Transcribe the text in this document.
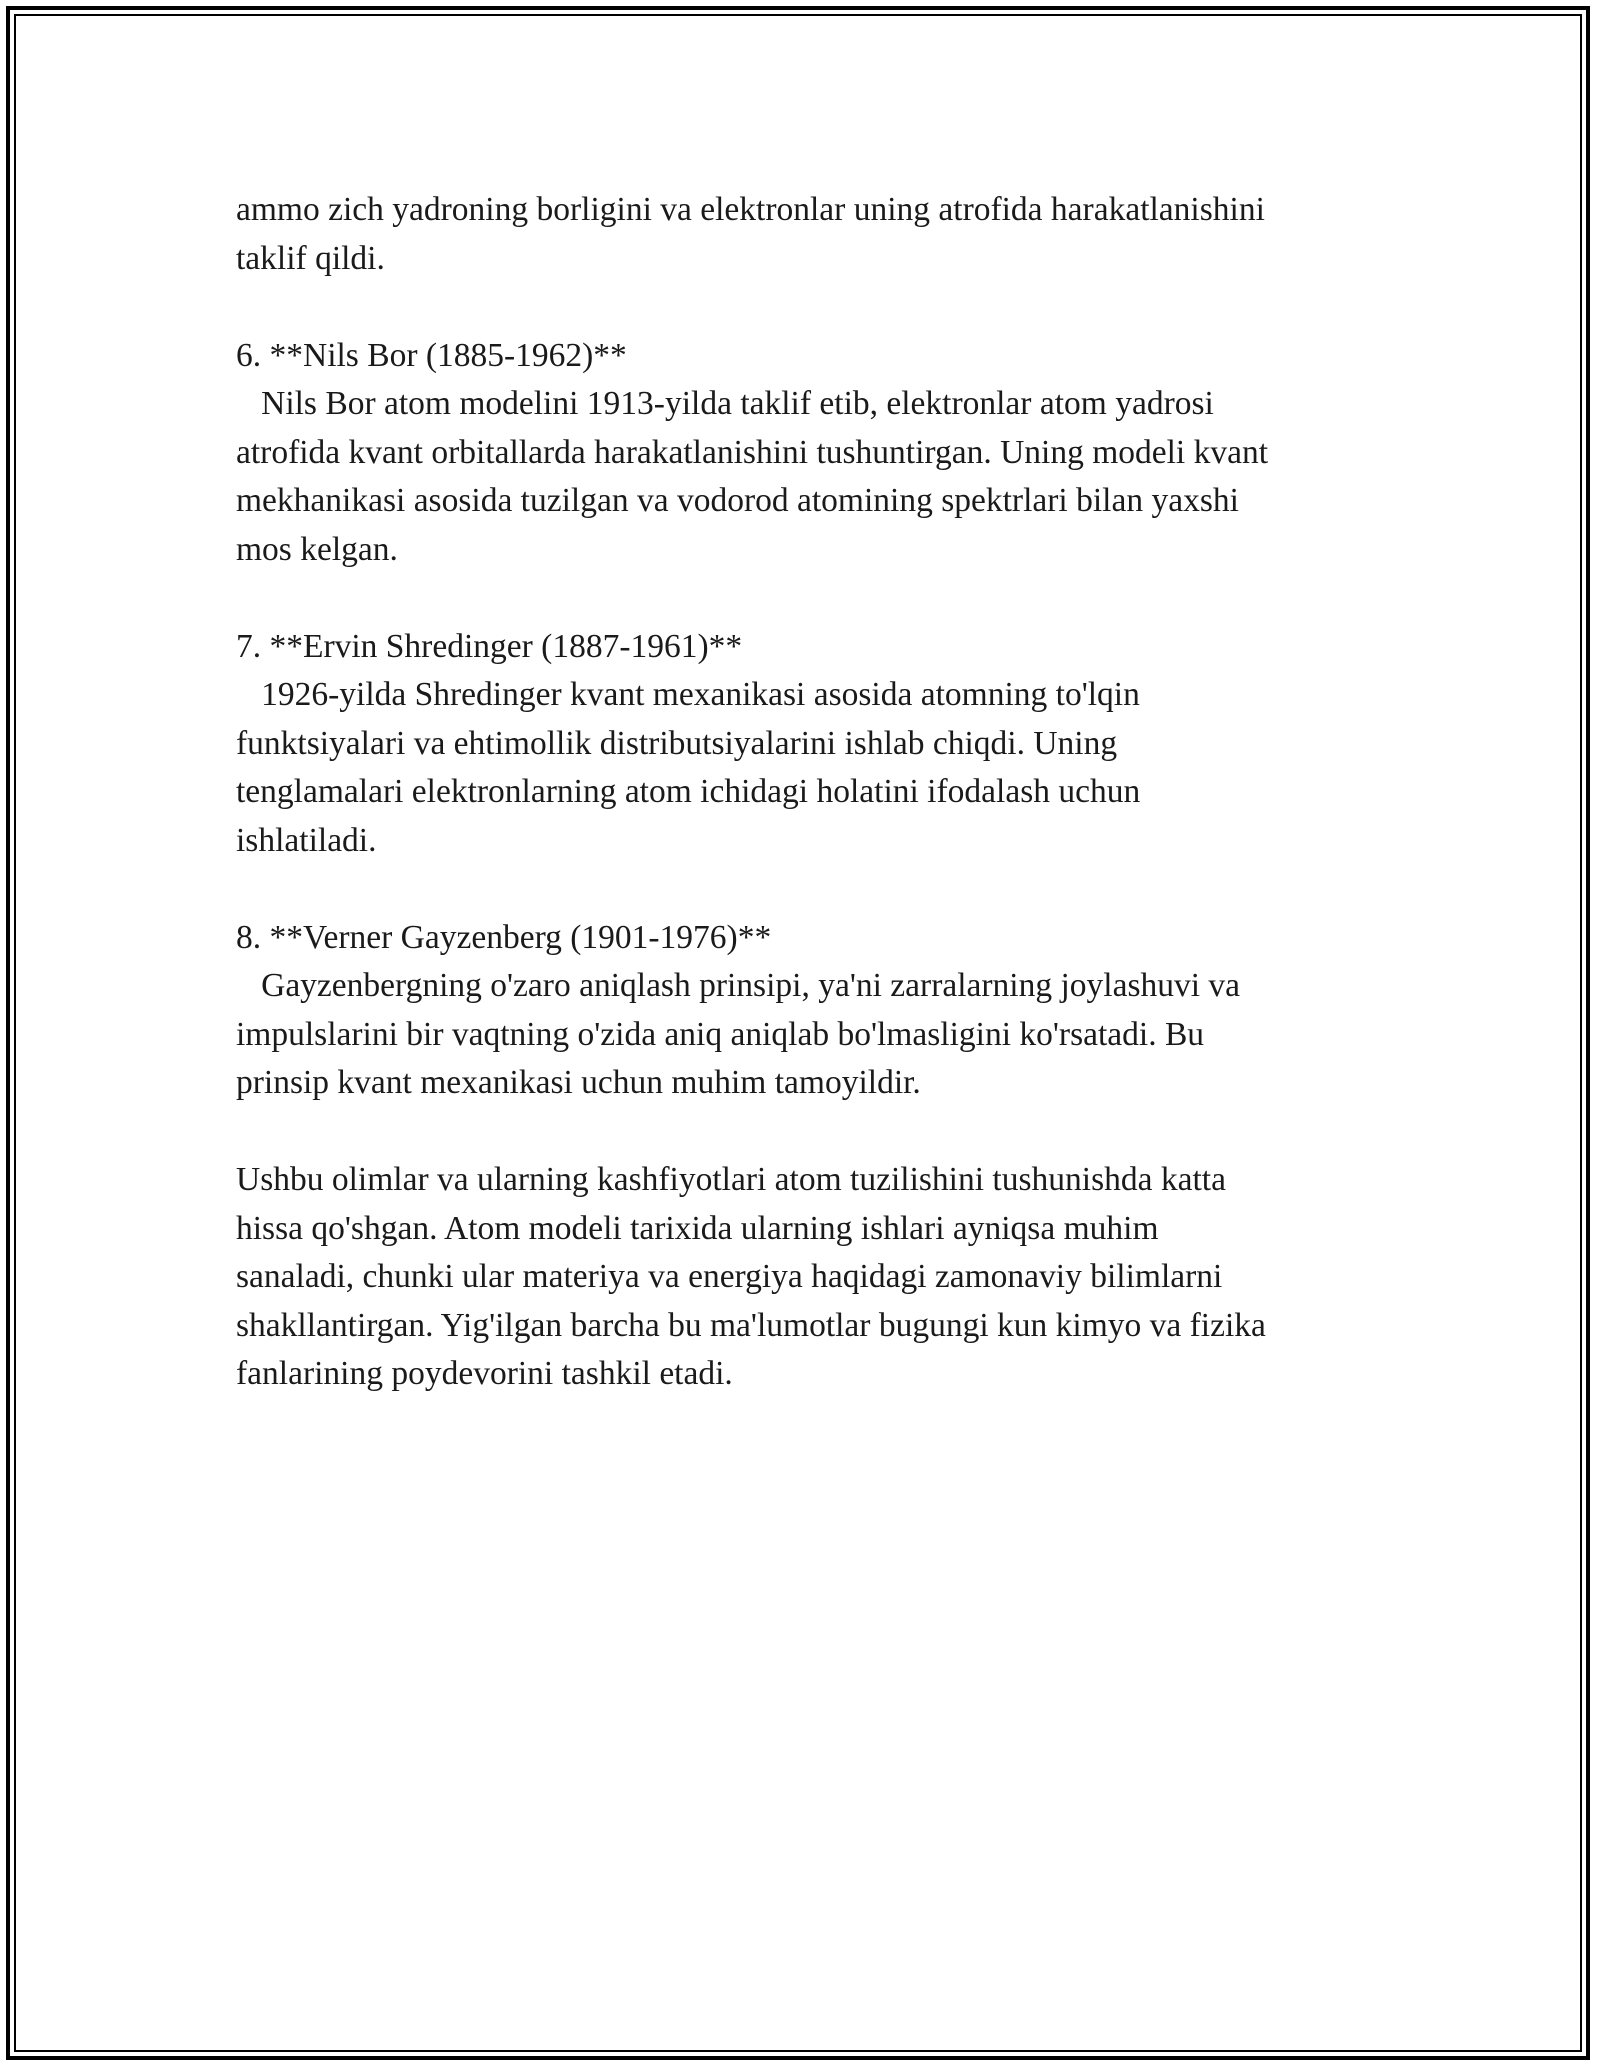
ammo zich yadroning borligini va elektronlar uning atrofida harakatlanishini

taklif qildi.

6. **Nils Bor (1885-1962)**

Nils Bor atom modelini 1913-yilda taklif etib, elektronlar atom yadrosi

atrofida kvant orbitallarda harakatlanishini tushuntirgan. Uning modeli kvant

mekhanikasi asosida tuzilgan va vodorod atomining spektrlari bilan yaxshi

mos kelgan.

7. **Ervin Shredinger (1887-1961)**

1926-yilda Shredinger kvant mexanikasi asosida atomning to'lqin

funktsiyalari va ehtimollik distributsiyalarini ishlab chiqdi. Uning

tenglamalari elektronlarning atom ichidagi holatini ifodalash uchun

ishlatiladi.

8. **Verner Gayzenberg (1901-1976)**

Gayzenbergning o'zaro aniqlash prinsipi, ya'ni zarralarning joylashuvi va

impulslarini bir vaqtning o'zida aniq aniqlab bo'lmasligini ko'rsatadi. Bu

prinsip kvant mexanikasi uchun muhim tamoyildir.

Ushbu olimlar va ularning kashfiyotlari atom tuzilishini tushunishda katta

hissa qo'shgan. Atom modeli tarixida ularning ishlari ayniqsa muhim

sanaladi, chunki ular materiya va energiya haqidagi zamonaviy bilimlarni

shakllantirgan. Yig'ilgan barcha bu ma'lumotlar bugungi kun kimyo va fizika

fanlarining poydevorini tashkil etadi.
